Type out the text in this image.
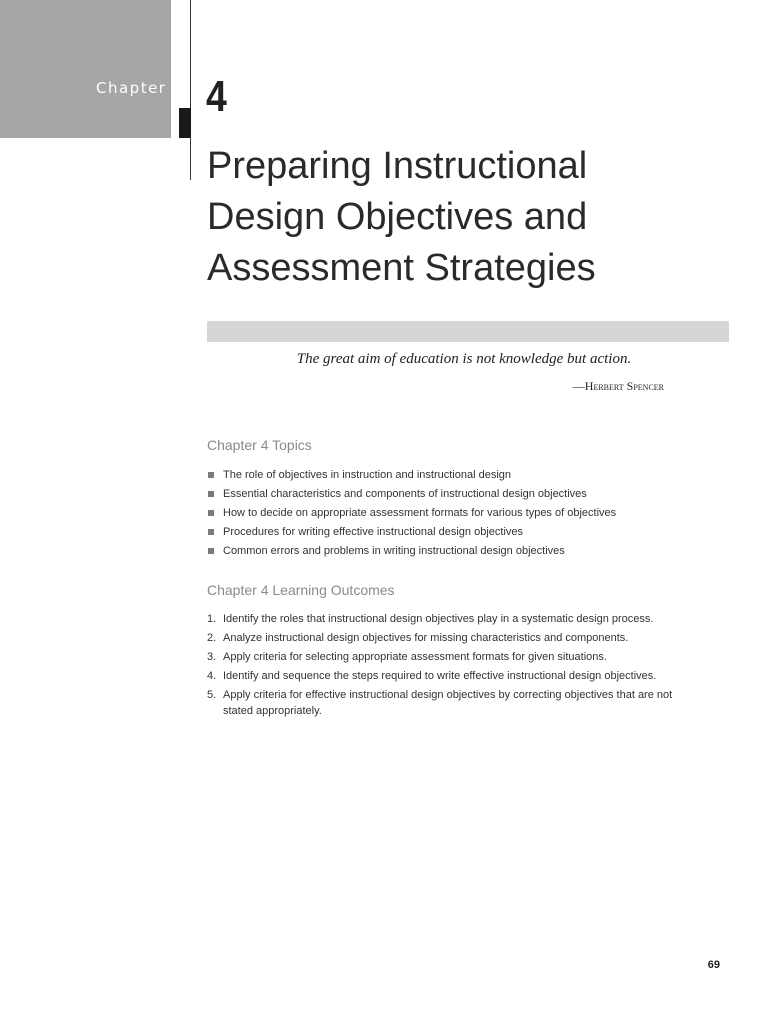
Chapter 4
Preparing Instructional
Design Objectives and
Assessment Strategies
The great aim of education is not knowledge but action.
—Herbert Spencer
Chapter 4 Topics
The role of objectives in instruction and instructional design
Essential characteristics and components of instructional design objectives
How to decide on appropriate assessment formats for various types of objectives
Procedures for writing effective instructional design objectives
Common errors and problems in writing instructional design objectives
Chapter 4 Learning Outcomes
1. Identify the roles that instructional design objectives play in a systematic design process.
2. Analyze instructional design objectives for missing characteristics and components.
3. Apply criteria for selecting appropriate assessment formats for given situations.
4. Identify and sequence the steps required to write effective instructional design objectives.
5. Apply criteria for effective instructional design objectives by correcting objectives that are not stated appropriately.
69
